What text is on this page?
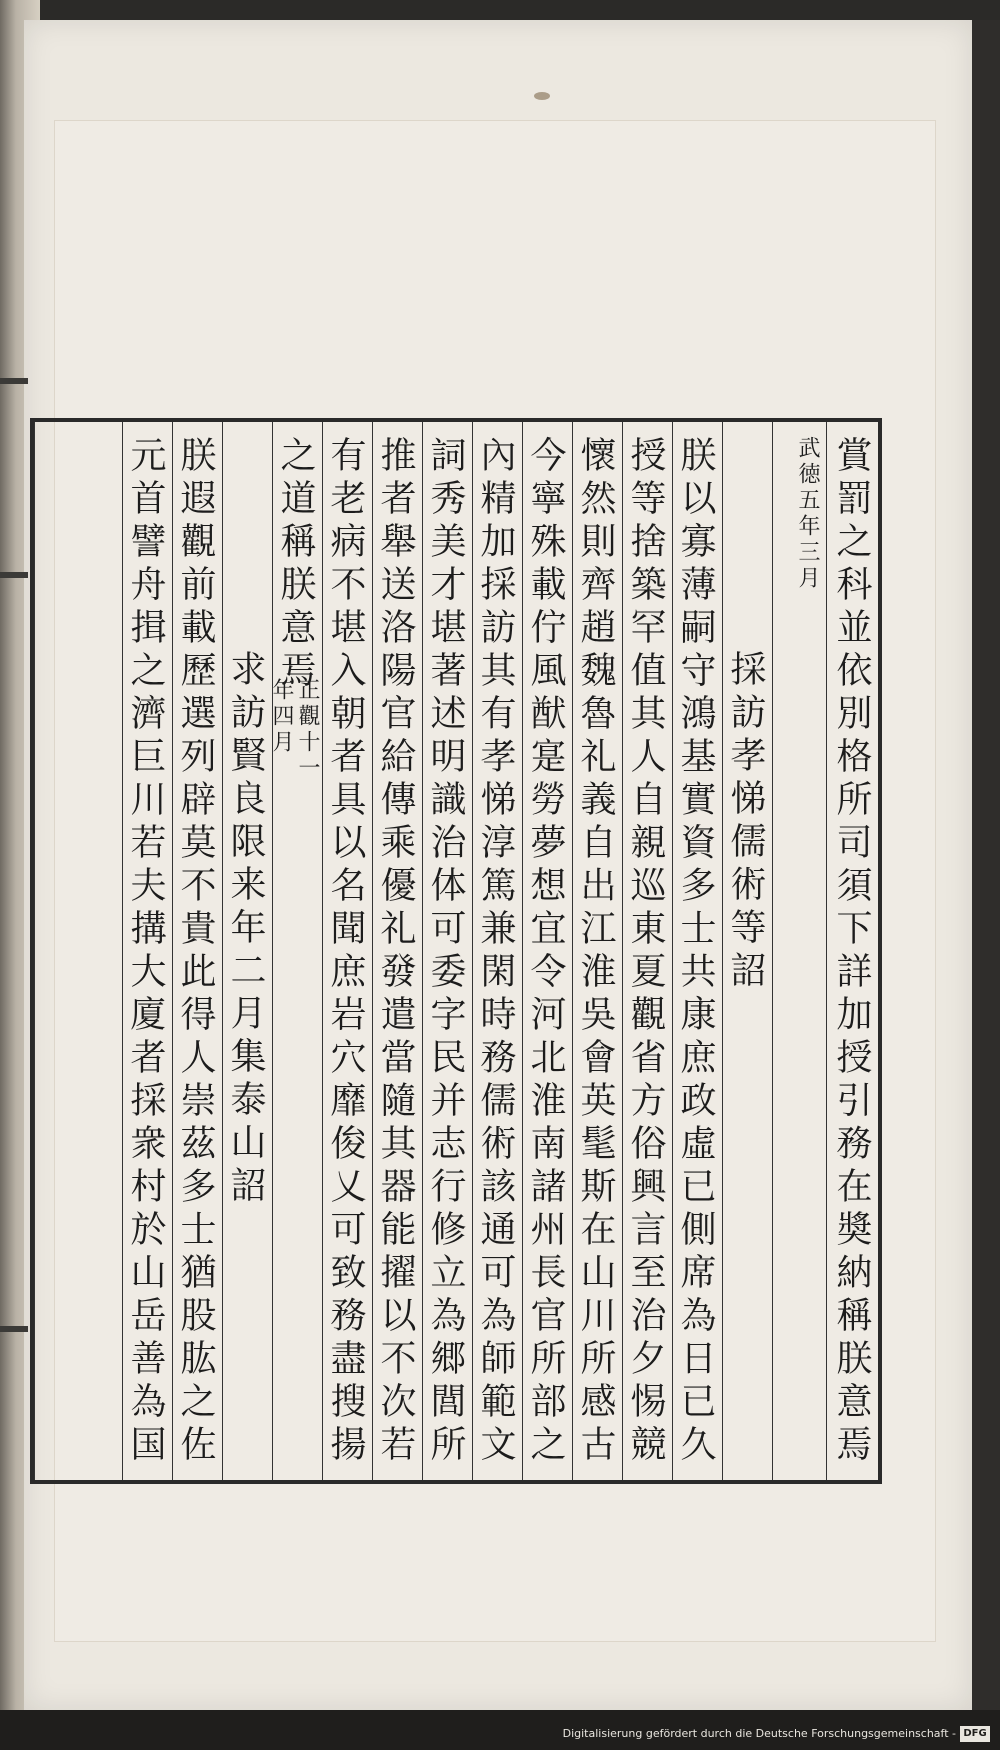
賞罰之科並依別格所司須下詳加授引務在奬納稱朕意焉
武徳五年三月
採訪孝悌儒術等詔
朕以寡薄嗣守鴻基實資多士共康庶政虛已側席為日已久
授等捨築罕值其人自親巡東夏觀省方俗興言至治夕惕競
懷然則齊趙魏魯礼義自出江淮吳會英髦斯在山川所感古
今寧殊載佇風猷寔勞夢想宜令河北淮南諸州長官所部之
內精加採訪其有孝悌淳篤兼閑時務儒術該通可為師範文
詞秀美才堪著述明識治体可委字民并志行修立為郷閭所
推者舉送洛陽官給傳乘優礼發遣當隨其器能擢以不次若
有老病不堪入朝者具以名聞庶岩穴靡俊乂可致務盡搜揚
之道稱朕意焉
正觀十一年四月
求訪賢良限来年二月集泰山詔
朕遐觀前載歷選列辟莫不貴此得人崇茲多士猶股肱之佐
元首譬舟揖之濟巨川若夫搆大廈者採衆村於山岳善為国
Digitalisierung gefördert durch die Deutsche Forschungsgemeinschaft - DFG
